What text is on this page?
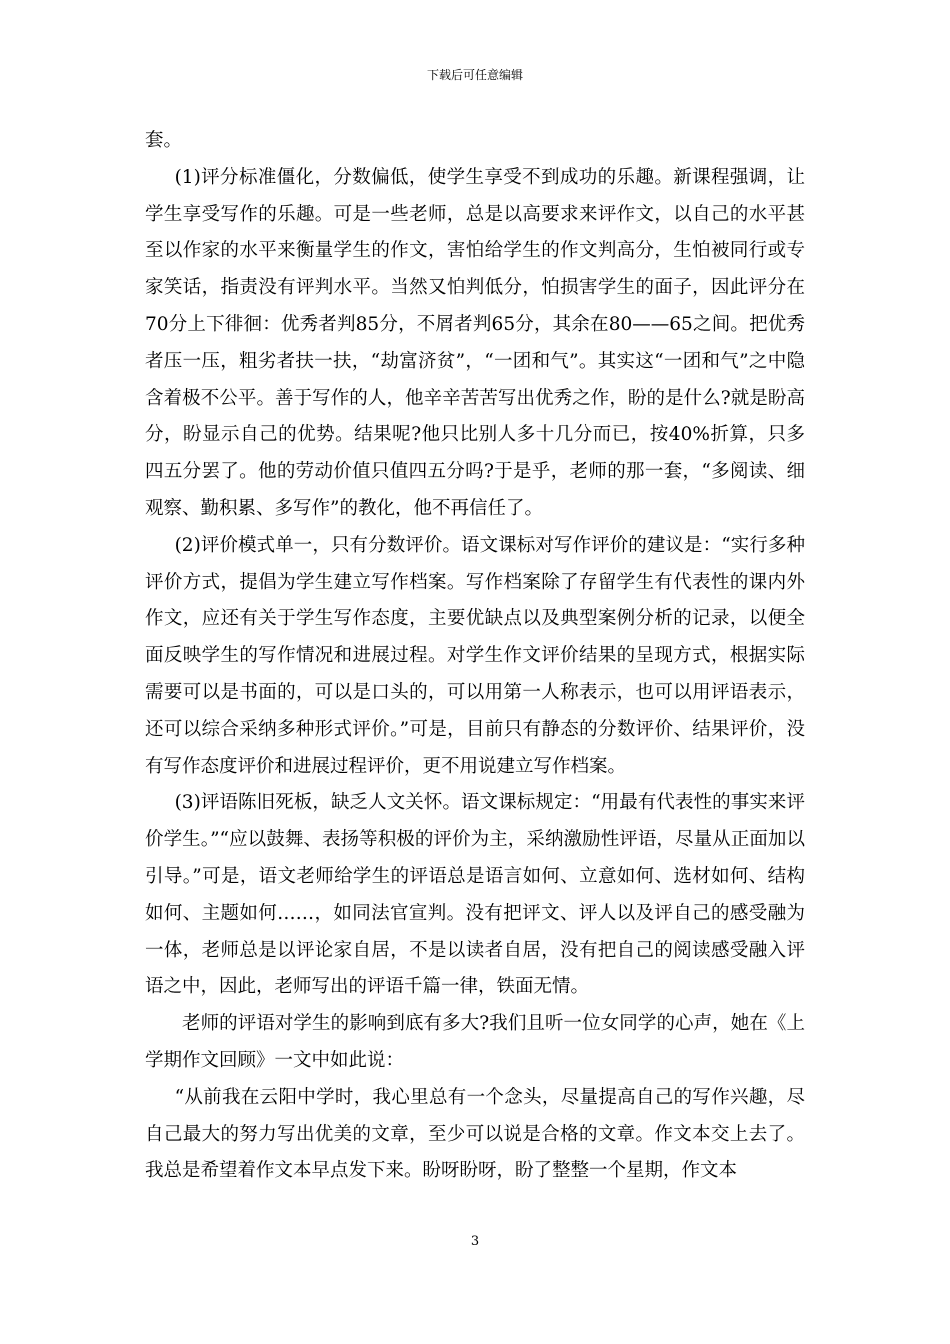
下载后可任意编辑

套。

(1)评分标准僵化，分数偏低，使学生享受不到成功的乐趣。新课程强调，让学生享受写作的乐趣。可是一些老师，总是以高要求来评作文，以自己的水平甚至以作家的水平来衡量学生的作文，害怕给学生的作文判高分，生怕被同行或专家笑话，指责没有评判水平。当然又怕判低分，怕损害学生的面子，因此评分在70分上下徘徊：优秀者判85分，不屑者判65分，其余在80——65之间。把优秀者压一压，粗劣者扶一扶，“劫富济贫”，“一团和气”。其实这“一团和气”之中隐含着极不公平。善于写作的人，他辛辛苦苦写出优秀之作，盼的是什么?就是盼高分，盼显示自己的优势。结果呢?他只比别人多十几分而已，按40%折算，只多四五分罢了。他的劳动价值只值四五分吗?于是乎，老师的那一套，“多阅读、细观察、勤积累、多写作”的教化，他不再信任了。

(2)评价模式单一，只有分数评价。语文课标对写作评价的建议是：“实行多种评价方式，提倡为学生建立写作档案。写作档案除了存留学生有代表性的课内外作文，应还有关于学生写作态度，主要优缺点以及典型案例分析的记录，以便全面反映学生的写作情况和进展过程。对学生作文评价结果的呈现方式，根据实际需要可以是书面的，可以是口头的，可以用第一人称表示，也可以用评语表示，还可以综合采纳多种形式评价。”可是，目前只有静态的分数评价、结果评价，没有写作态度评价和进展过程评价，更不用说建立写作档案。

(3)评语陈旧死板，缺乏人文关怀。语文课标规定：“用最有代表性的事实来评价学生。”“应以鼓舞、表扬等积极的评价为主，采纳激励性评语，尽量从正面加以引导。”可是，语文老师给学生的评语总是语言如何、立意如何、选材如何、结构如何、主题如何……，如同法官宣判。没有把评文、评人以及评自己的感受融为一体，老师总是以评论家自居，不是以读者自居，没有把自己的阅读感受融入评语之中，因此，老师写出的评语千篇一律，铁面无情。

老师的评语对学生的影响到底有多大?我们且听一位女同学的心声，她在《上学期作文回顾》一文中如此说：

“从前我在云阳中学时，我心里总有一个念头，尽量提高自己的写作兴趣，尽自己最大的努力写出优美的文章，至少可以说是合格的文章。作文本交上去了。我总是希望着作文本早点发下来。盼呀盼呀，盼了整整一个星期，作文本

3
